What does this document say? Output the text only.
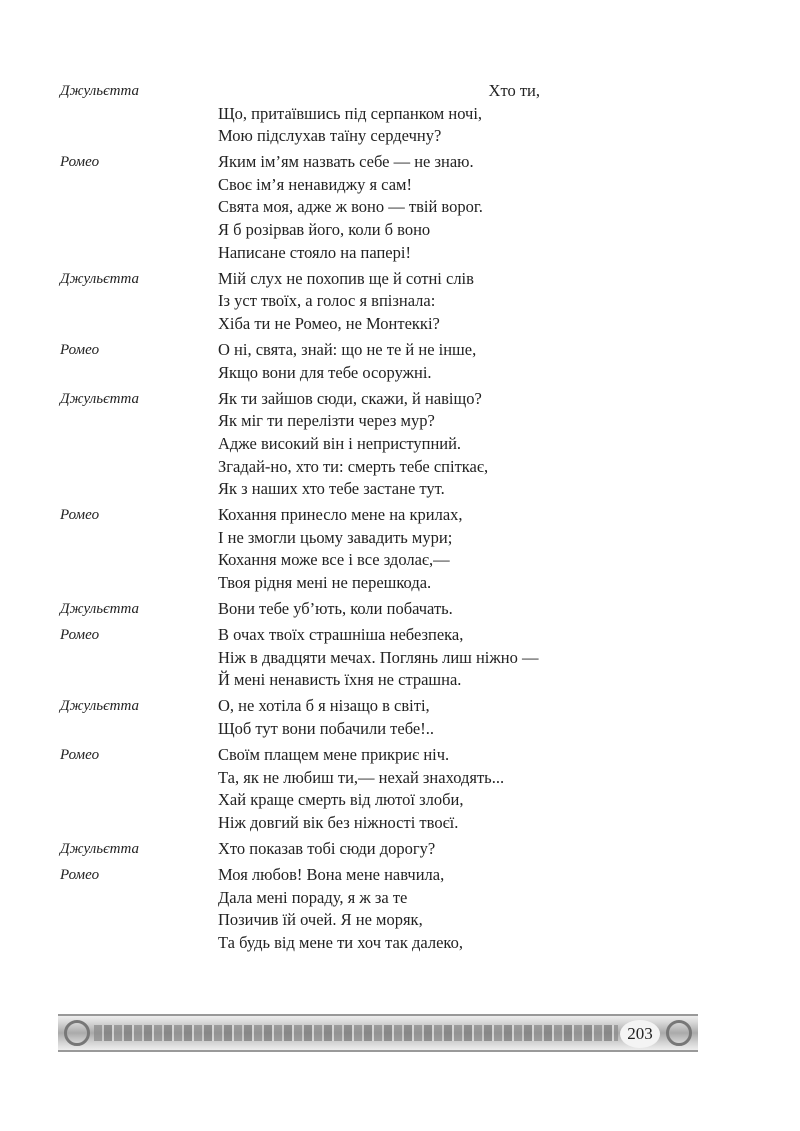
Джульєтта	Хто ти,
Що, притаївшись під серпанком ночі,
Мою підслухав таїну сердечну?
Ромео	Яким ім’ям назвать себе — не знаю.
Своє ім’я ненавиджу я сам!
Свята моя, адже ж воно — твій ворог.
Я б розірвав його, коли б воно
Написане стояло на папері!
Джульєтта	Мій слух не похопив ще й сотні слів
Із уст твоїх, а голос я впізнала:
Хіба ти не Ромео, не Монтеккі?
Ромео	О ні, свята, знай: що не те й не інше,
Якщо вони для тебе осоружні.
Джульєтта	Як ти зайшов сюди, скажи, й навіщо?
Як міг ти перелізти через мур?
Адже високий він і неприступний.
Згадай-но, хто ти: смерть тебе спіткає,
Як з наших хто тебе застане тут.
Ромео	Кохання принесло мене на крилах,
І не змогли цьому завадить мури;
Кохання може все і все здолає,—
Твоя рідня мені не перешкода.
Джульєтта	Вони тебе уб’ють, коли побачать.
Ромео	В очах твоїх страшніша небезпека,
Ніж в двадцяти мечах. Поглянь лиш ніжно —
Й мені ненависть їхня не страшна.
Джульєтта	О, не хотіла б я нізащо в світі,
Щоб тут вони побачили тебе!..
Ромео	Своїм плащем мене прикриє ніч.
Та, як не любиш ти,— нехай знаходять...
Хай краще смерть від лютої злоби,
Ніж довгий вік без ніжності твоєї.
Джульєтта	Хто показав тобі сюди дорогу?
Ромео	Моя любов! Вона мене навчила,
Дала мені пораду, я ж за те
Позичив їй очей. Я не моряк,
Та будь від мене ти хоч так далеко,
203
